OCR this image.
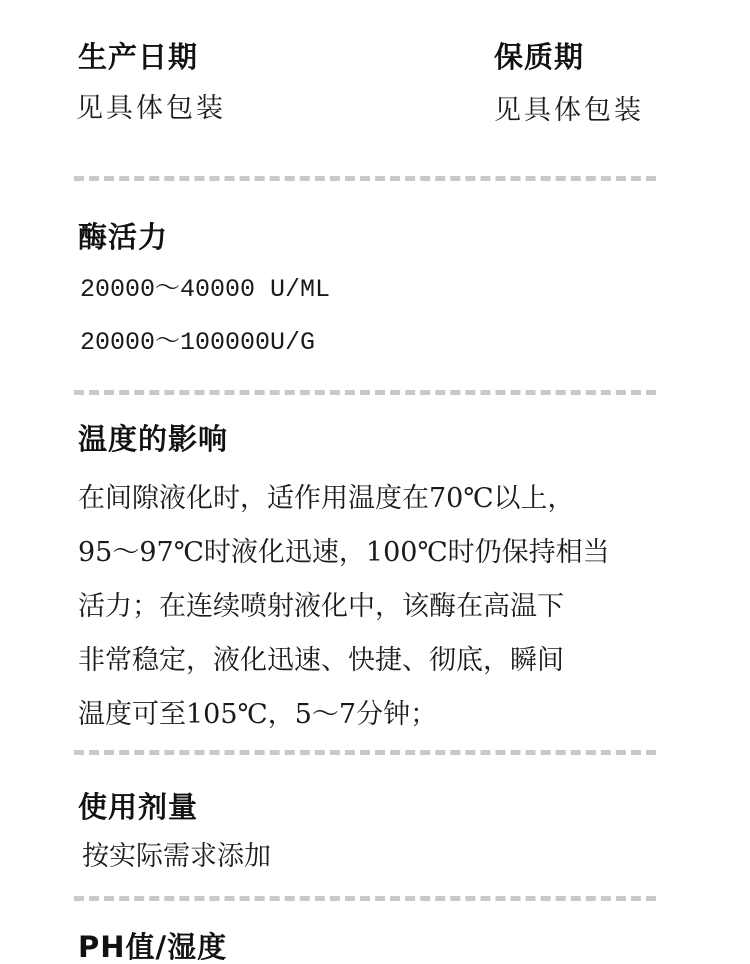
生产日期
见具体包装
保质期
见具体包装
酶活力
20000～40000 U/ML
20000～100000U/G
温度的影响
在间隙液化时，适作用温度在70℃以上，
95～97℃时液化迅速，100℃时仍保持相当
活力；在连续喷射液化中，该酶在高温下
非常稳定，液化迅速、快捷、彻底，瞬间
温度可至105℃，5～7分钟；
使用剂量
按实际需求添加
PH值/湿度
